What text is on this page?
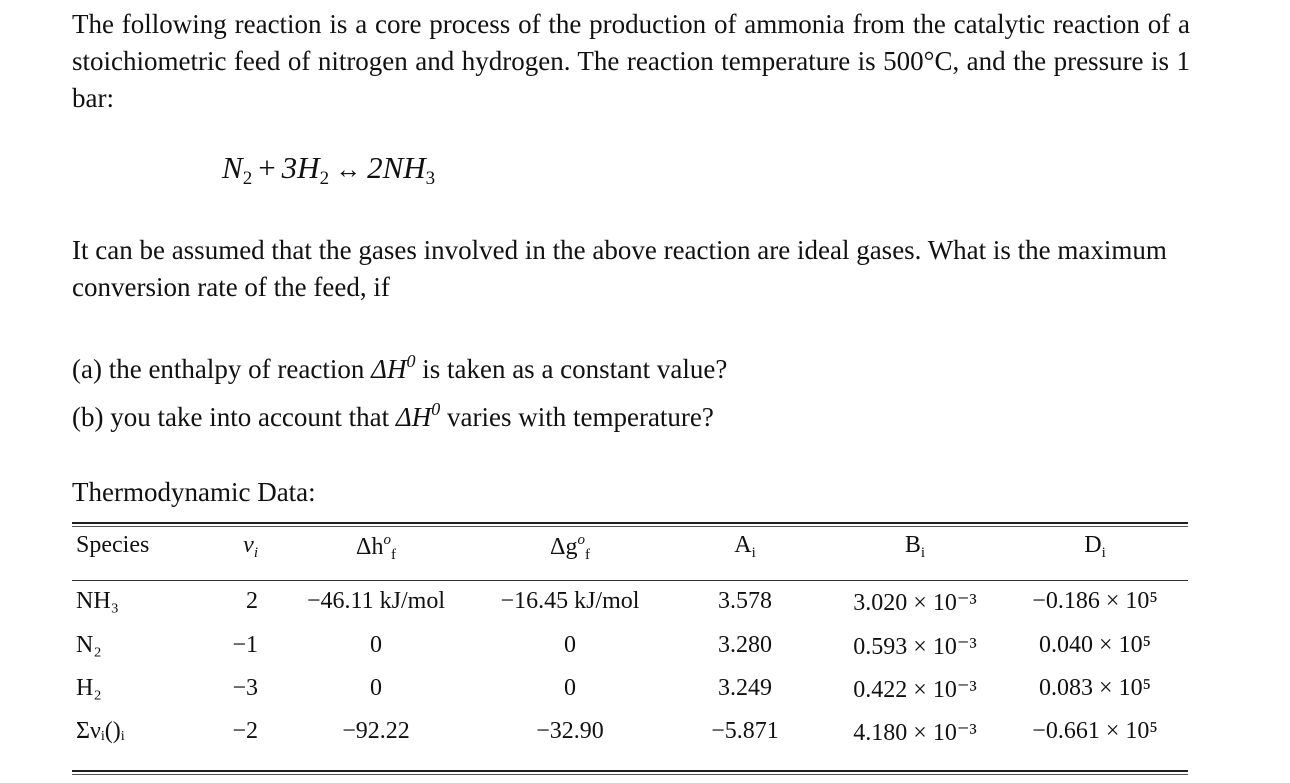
The following reaction is a core process of the production of ammonia from the catalytic reaction of a stoichiometric feed of nitrogen and hydrogen. The reaction temperature is 500°C, and the pressure is 1 bar:

$N_2 + 3H_2$ ↔ $2NH_3$

It can be assumed that the gases involved in the above reaction are ideal gases. What is the maximum conversion rate of the feed, if

(a) the enthalpy of reaction $\Delta H^0$ is taken as a constant value?

(b) you take into account that $\Delta H^0$ varies with temperature?

Thermodynamic Data:

Species	$\nu_i$	$\Delta h^o_f$	$\Delta g^o_f$	$A_i$	$B_i$	$D_i$
NH₃	2	−46.11 kJ/mol	−16.45 kJ/mol	3.578	3.020 × 10⁻³	−0.186 × 10⁵
N₂	−1	0	0	3.280	0.593 × 10⁻³	0.040 × 10⁵
H₂	−3	0	0	3.249	0.422 × 10⁻³	0.083 × 10⁵
Σνᵢ()ᵢ	−2	−92.22	−32.90	−5.871	4.180 × 10⁻³	−0.661 × 10⁵
